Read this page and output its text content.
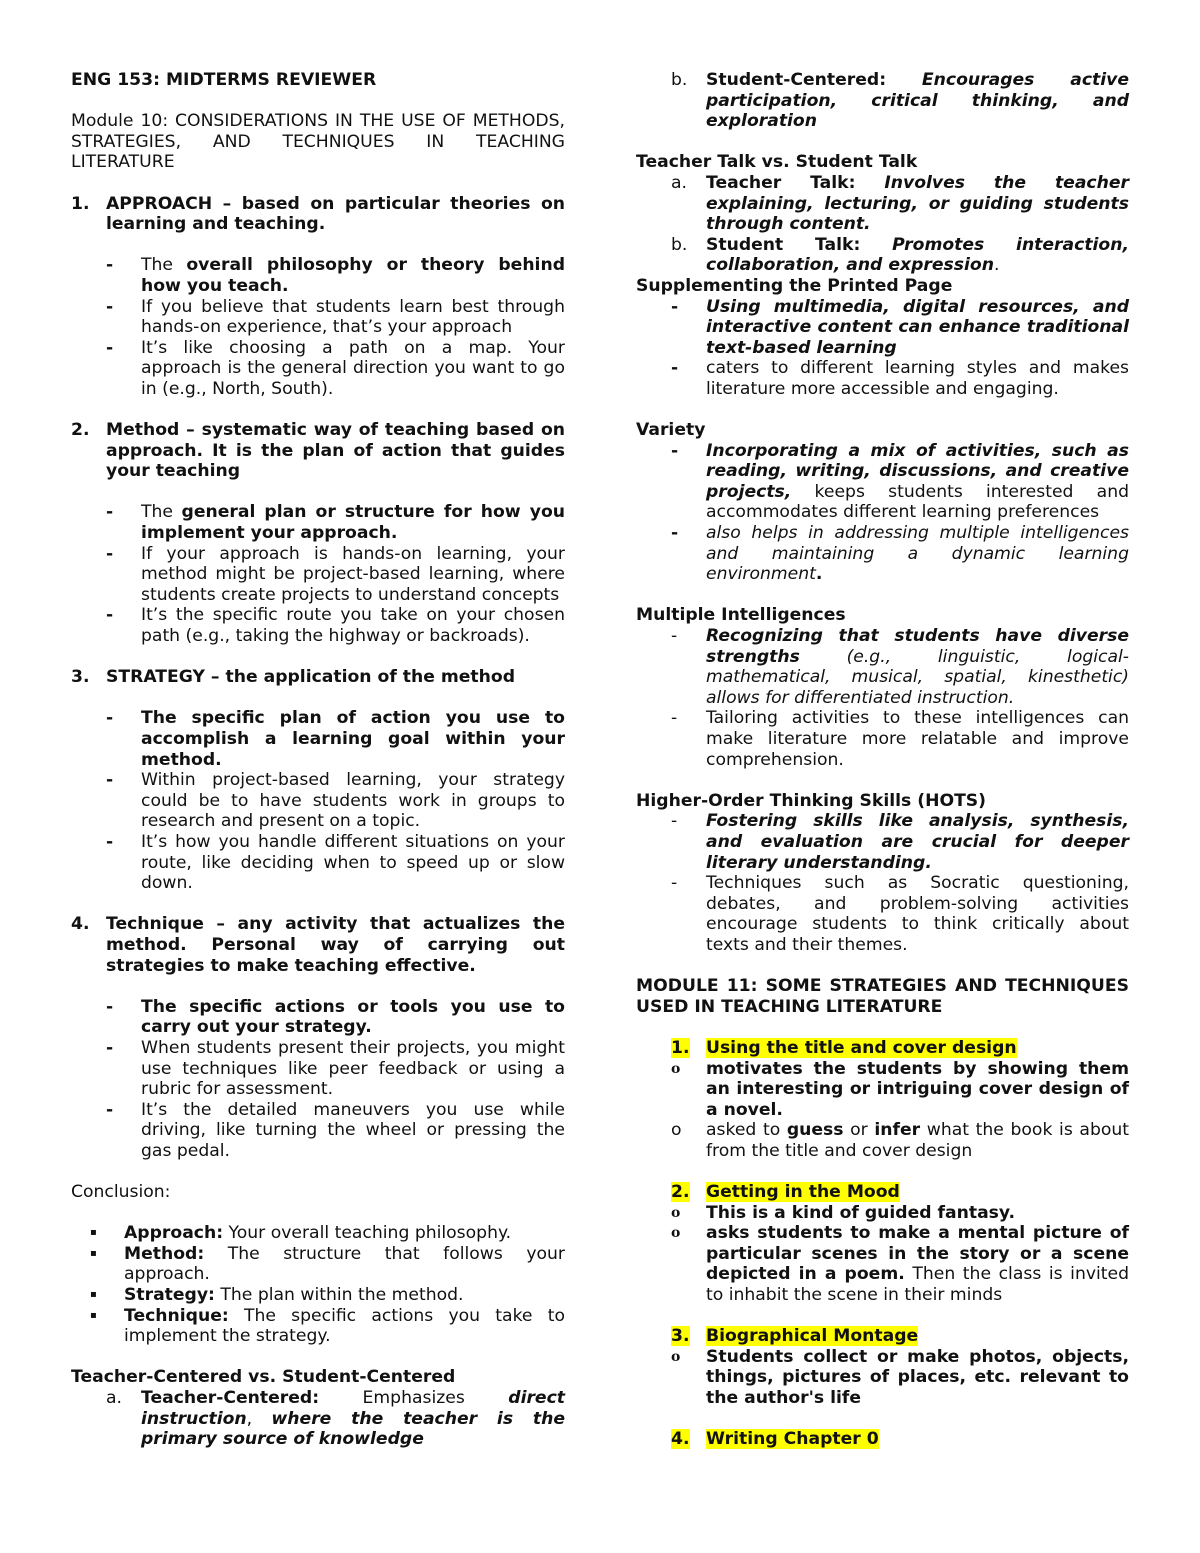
ENG 153: MIDTERMS REVIEWER

Module 10: CONSIDERATIONS IN THE USE OF METHODS, STRATEGIES, AND TECHNIQUES IN TEACHING LITERATURE

1. APPROACH – based on particular theories on learning and teaching.
-	The overall philosophy or theory behind how you teach.
-	If you believe that students learn best through hands-on experience, that’s your approach
-	It’s like choosing a path on a map. Your approach is the general direction you want to go in (e.g., North, South).
2. Method – systematic way of teaching based on approach. It is the plan of action that guides your teaching
-	The general plan or structure for how you implement your approach.
-	If your approach is hands-on learning, your method might be project-based learning, where students create projects to understand concepts
-	It’s the specific route you take on your chosen path (e.g., taking the highway or backroads).
3. STRATEGY – the application of the method
-	The specific plan of action you use to accomplish a learning goal within your method.
-	Within project-based learning, your strategy could be to have students work in groups to research and present on a topic.
-	It’s how you handle different situations on your route, like deciding when to speed up or slow down.
4. Technique – any activity that actualizes the method. Personal way of carrying out strategies to make teaching effective.
-	The specific actions or tools you use to carry out your strategy.
-	When students present their projects, you might use techniques like peer feedback or using a rubric for assessment.
-	It’s the detailed maneuvers you use while driving, like turning the wheel or pressing the gas pedal.

Conclusion:

▪	Approach: Your overall teaching philosophy.
▪	Method: The structure that follows your approach.
▪	Strategy: The plan within the method.
▪	Technique: The specific actions you take to implement the strategy.

Teacher-Centered vs. Student-Centered

a.	Teacher-Centered: Emphasizes direct instruction, where the teacher is the primary source of knowledge
b.	Student-Centered: Encourages active participation, critical thinking, and exploration

Teacher Talk vs. Student Talk

a.	Teacher Talk: Involves the teacher explaining, lecturing, or guiding students through content.
b.	Student Talk: Promotes interaction, collaboration, and expression.

Supplementing the Printed Page

-	Using multimedia, digital resources, and interactive content can enhance traditional text-based learning
-	caters to different learning styles and makes literature more accessible and engaging.

Variety

-	Incorporating a mix of activities, such as reading, writing, discussions, and creative projects, keeps students interested and accommodates different learning preferences
-	also helps in addressing multiple intelligences and maintaining a dynamic learning environment.

Multiple Intelligences

-	Recognizing that students have diverse strengths (e.g., linguistic, logical-mathematical, musical, spatial, kinesthetic) allows for differentiated instruction.
-	Tailoring activities to these intelligences can make literature more relatable and improve comprehension.

Higher-Order Thinking Skills (HOTS)

-	Fostering skills like analysis, synthesis, and evaluation are crucial for deeper literary understanding.
-	Techniques such as Socratic questioning, debates, and problem-solving activities encourage students to think critically about texts and their themes.

MODULE 11: SOME STRATEGIES AND TECHNIQUES USED IN TEACHING LITERATURE

1. Using the title and cover design
o	motivates the students by showing them an interesting or intriguing cover design of a novel.
o	asked to guess or infer what the book is about from the title and cover design
2. Getting in the Mood
o	This is a kind of guided fantasy.
o	asks students to make a mental picture of particular scenes in the story or a scene depicted in a poem. Then the class is invited to inhabit the scene in their minds
3. Biographical Montage
o	Students collect or make photos, objects, things, pictures of places, etc. relevant to the author's life
4. Writing Chapter 0
